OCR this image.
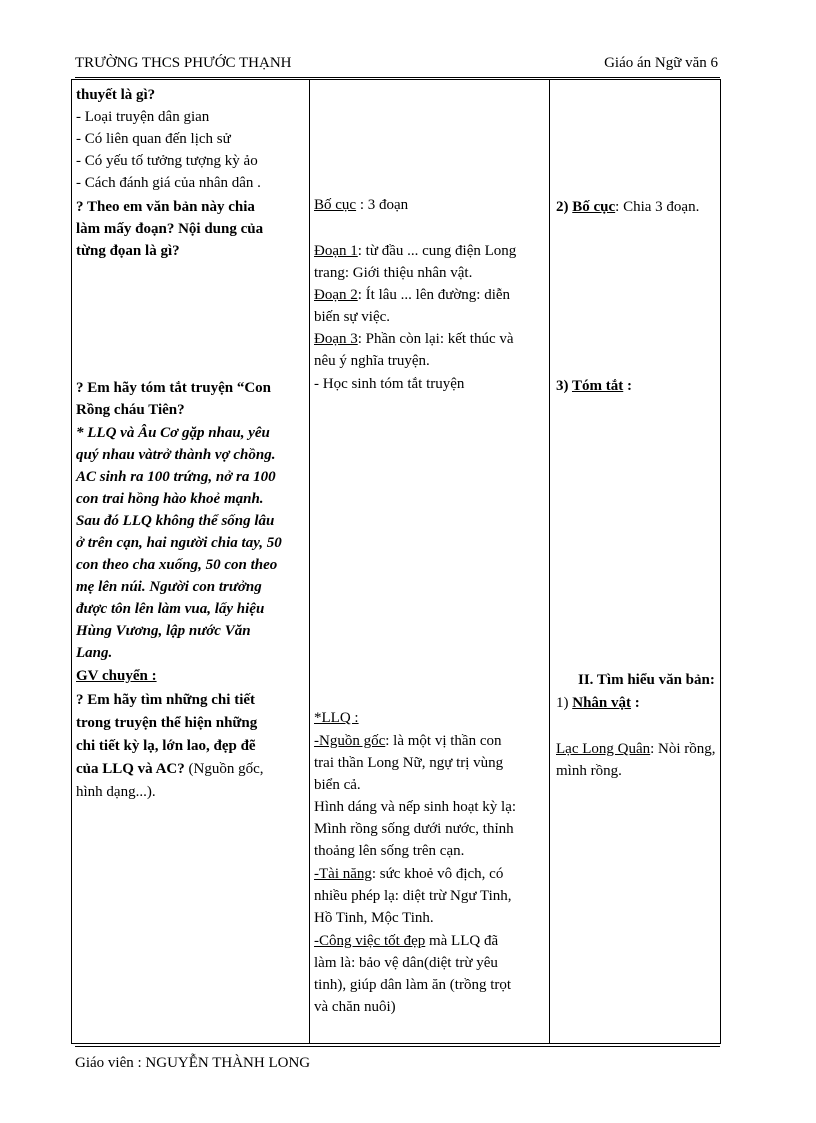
TRƯỜNG THCS PHƯỚC THẠNH	Giáo án Ngữ văn 6
thuyết là gì?
- Loại truyện dân gian
- Có liên quan đến lịch sử
- Có yếu tố tưởng tượng kỳ ảo
- Cách đánh giá của nhân dân .
? Theo em văn bản này chia
làm mấy đoạn? Nội dung của
từng đọan là gì?
? Em hãy tóm tắt truyện “Con
Rồng cháu Tiên?
* LLQ và Âu Cơ gặp nhau, yêu
quý nhau vàtrở thành vợ chồng.
AC sinh ra 100 trứng, nở ra 100
con trai hồng hào khoẻ mạnh.
Sau đó LLQ không thể sống lâu
ở trên cạn, hai người chia tay, 50
con theo cha xuống, 50 con theo
mẹ lên núi. Người con trưởng
được tôn lên làm vua, lấy hiệu
Hùng Vương, lập nước Văn
Lang.
GV chuyển :
? Em hãy tìm những chi tiết
trong truyện thể hiện những
chi tiết kỳ lạ, lớn lao, đẹp đẽ
của LLQ và AC? (Nguồn gốc,
hình dạng...).
Bố cục : 3 đoạn
Đoạn 1: từ đầu ... cung điện Long
trang: Giới thiệu nhân vật.
Đoạn 2: Ít lâu ... lên đường: diễn
biến sự việc.
Đoạn 3: Phần còn lại: kết thúc và
nêu ý nghĩa truyện.
- Học sinh tóm tắt truyện
*LLQ :
-Nguồn gốc: là một vị thần con
trai thần Long Nữ, ngự trị vùng
biển cả.
Hình dáng và nếp sinh hoạt kỳ lạ:
Mình rồng sống dưới nước, thỉnh
thoảng lên sống trên cạn.
-Tài năng: sức khoẻ vô địch, có
nhiều phép lạ: diệt trừ Ngư Tinh,
Hồ Tinh, Mộc Tinh.
-Công việc tốt đẹp mà LLQ đã
làm là: bảo vệ dân(diệt trừ yêu
tinh), giúp dân làm ăn (trồng trọt
và chăn nuôi)
2) Bố cục: Chia 3 đoạn.
3) Tóm tắt :
II. Tìm hiểu văn bản:
1) Nhân vật :
Lạc Long Quân: Nòi rồng,
mình rồng.
Giáo viên : NGUYỄN THÀNH LONG
